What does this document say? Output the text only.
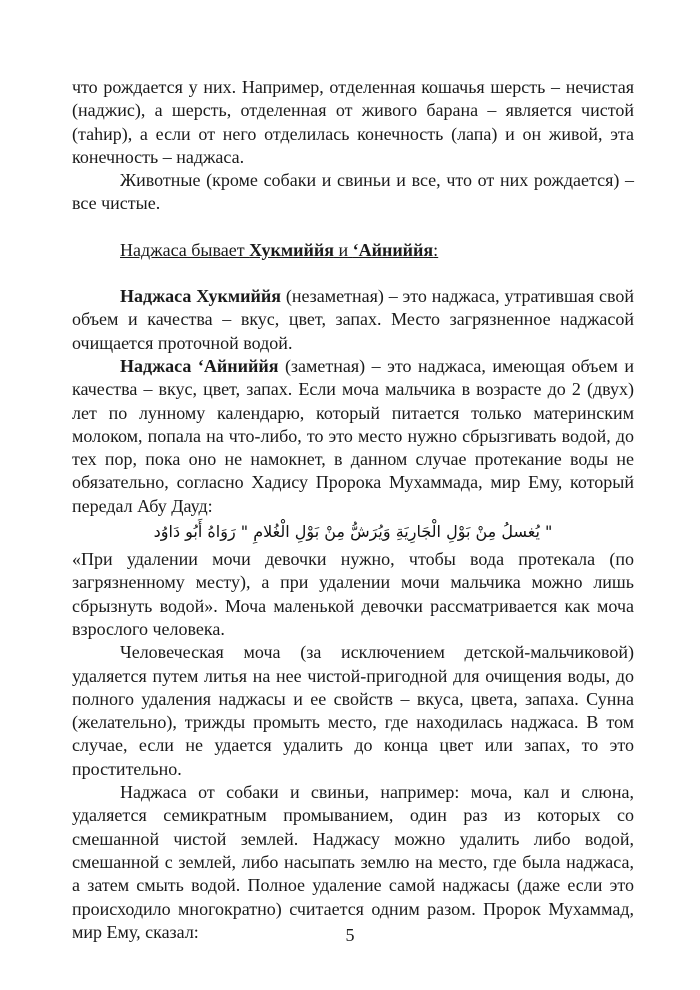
что рождается у них. Например, отделенная кошачья шерсть – нечистая (наджис), а шерсть, отделенная от живого барана – является чистой (таhир), а если от него отделилась конечность (лапа) и он живой, эта конечность – наджаса.

Животные (кроме собаки и свиньи и все, что от них рождается) – все чистые.

Наджаса бывает Хукмиййя и ‘Айниййя:

Наджаса Хукмиййя (незаметная) – это наджаса, утратившая свой объем и качества – вкус, цвет, запах. Место загрязненное наджасой очищается проточной водой.

Наджаса ‘Айниййя (заметная) – это наджаса, имеющая объем и качества – вкус, цвет, запах. Если моча мальчика в возрасте до 2 (двух) лет по лунному календарю, который питается только материнским молоком, попала на что-либо, то это место нужно сбрызгивать водой, до тех пор, пока оно не намокнет, в данном случае протекание воды не обязательно, согласно Хадису Пророка Мухаммада, мир Ему, который передал Абу Дауд:

" يُغسلُ مِنْ بَوْلِ الْجَارِيَةِ وَيُرَشُّ مِنْ بَوْلِ الْغُلامِ " رَوَاهُ أَبُو دَاوُد

«При удалении мочи девочки нужно, чтобы вода протекала (по загрязненному месту), а при удалении мочи мальчика можно лишь сбрызнуть водой». Моча маленькой девочки рассматривается как моча взрослого человека.

Человеческая моча (за исключением детской-мальчиковой) удаляется путем литья на нее чистой-пригодной для очищения воды, до полного удаления наджасы и ее свойств – вкуса, цвета, запаха. Сунна (желательно), трижды промыть место, где находилась наджаса. В том случае, если не удается удалить до конца цвет или запах, то это простительно.

Наджаса от собаки и свиньи, например: моча, кал и слюна, удаляется семикратным промыванием, один раз из которых со смешанной чистой землей. Наджасу можно удалить либо водой, смешанной с землей, либо насыпать землю на место, где была наджаса, а затем смыть водой. Полное удаление самой наджасы (даже если это происходило многократно) считается одним разом. Пророк Мухаммад, мир Ему, сказал:	5
